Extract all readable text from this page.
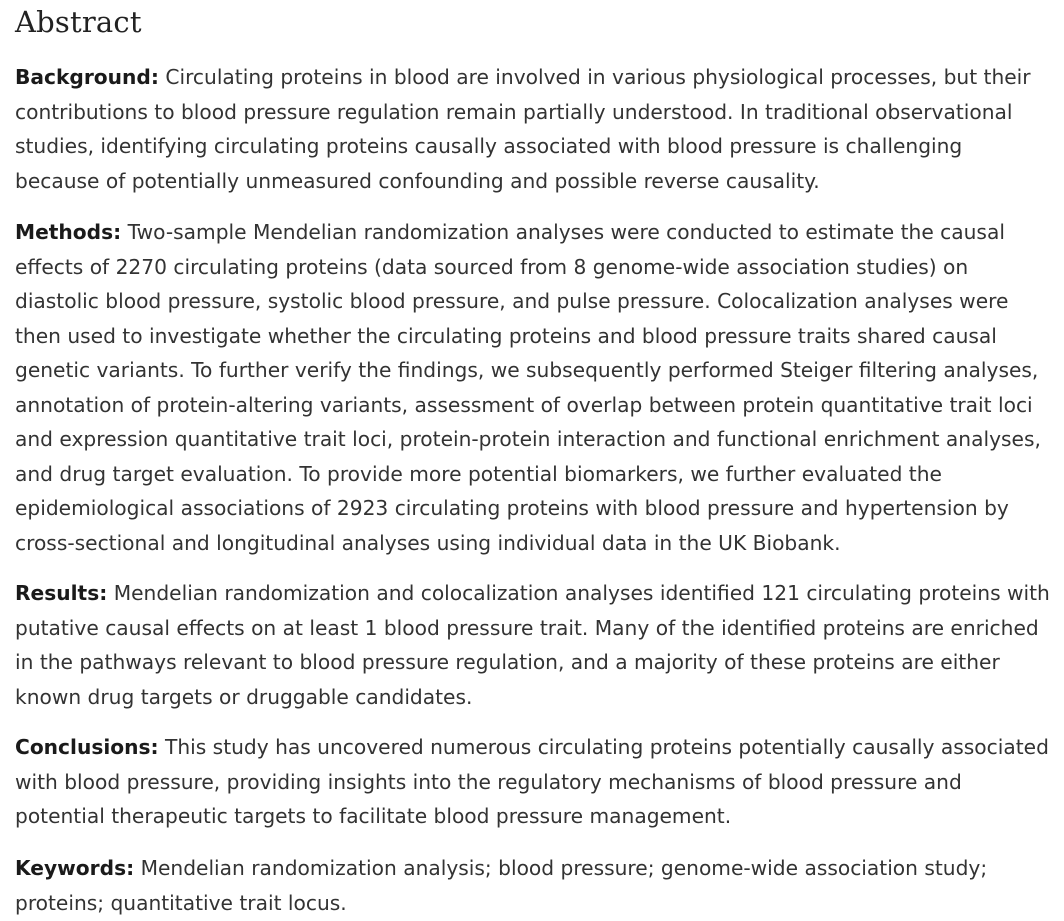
Abstract

Background: Circulating proteins in blood are involved in various physiological processes, but their contributions to blood pressure regulation remain partially understood. In traditional observational studies, identifying circulating proteins causally associated with blood pressure is challenging because of potentially unmeasured confounding and possible reverse causality.

Methods: Two-sample Mendelian randomization analyses were conducted to estimate the causal effects of 2270 circulating proteins (data sourced from 8 genome-wide association studies) on diastolic blood pressure, systolic blood pressure, and pulse pressure. Colocalization analyses were then used to investigate whether the circulating proteins and blood pressure traits shared causal genetic variants. To further verify the findings, we subsequently performed Steiger filtering analyses, annotation of protein-altering variants, assessment of overlap between protein quantitative trait loci and expression quantitative trait loci, protein-protein interaction and functional enrichment analyses, and drug target evaluation. To provide more potential biomarkers, we further evaluated the epidemiological associations of 2923 circulating proteins with blood pressure and hypertension by cross-sectional and longitudinal analyses using individual data in the UK Biobank.

Results: Mendelian randomization and colocalization analyses identified 121 circulating proteins with putative causal effects on at least 1 blood pressure trait. Many of the identified proteins are enriched in the pathways relevant to blood pressure regulation, and a majority of these proteins are either known drug targets or druggable candidates.

Conclusions: This study has uncovered numerous circulating proteins potentially causally associated with blood pressure, providing insights into the regulatory mechanisms of blood pressure and potential therapeutic targets to facilitate blood pressure management.

Keywords: Mendelian randomization analysis; blood pressure; genome-wide association study; proteins; quantitative trait locus.
